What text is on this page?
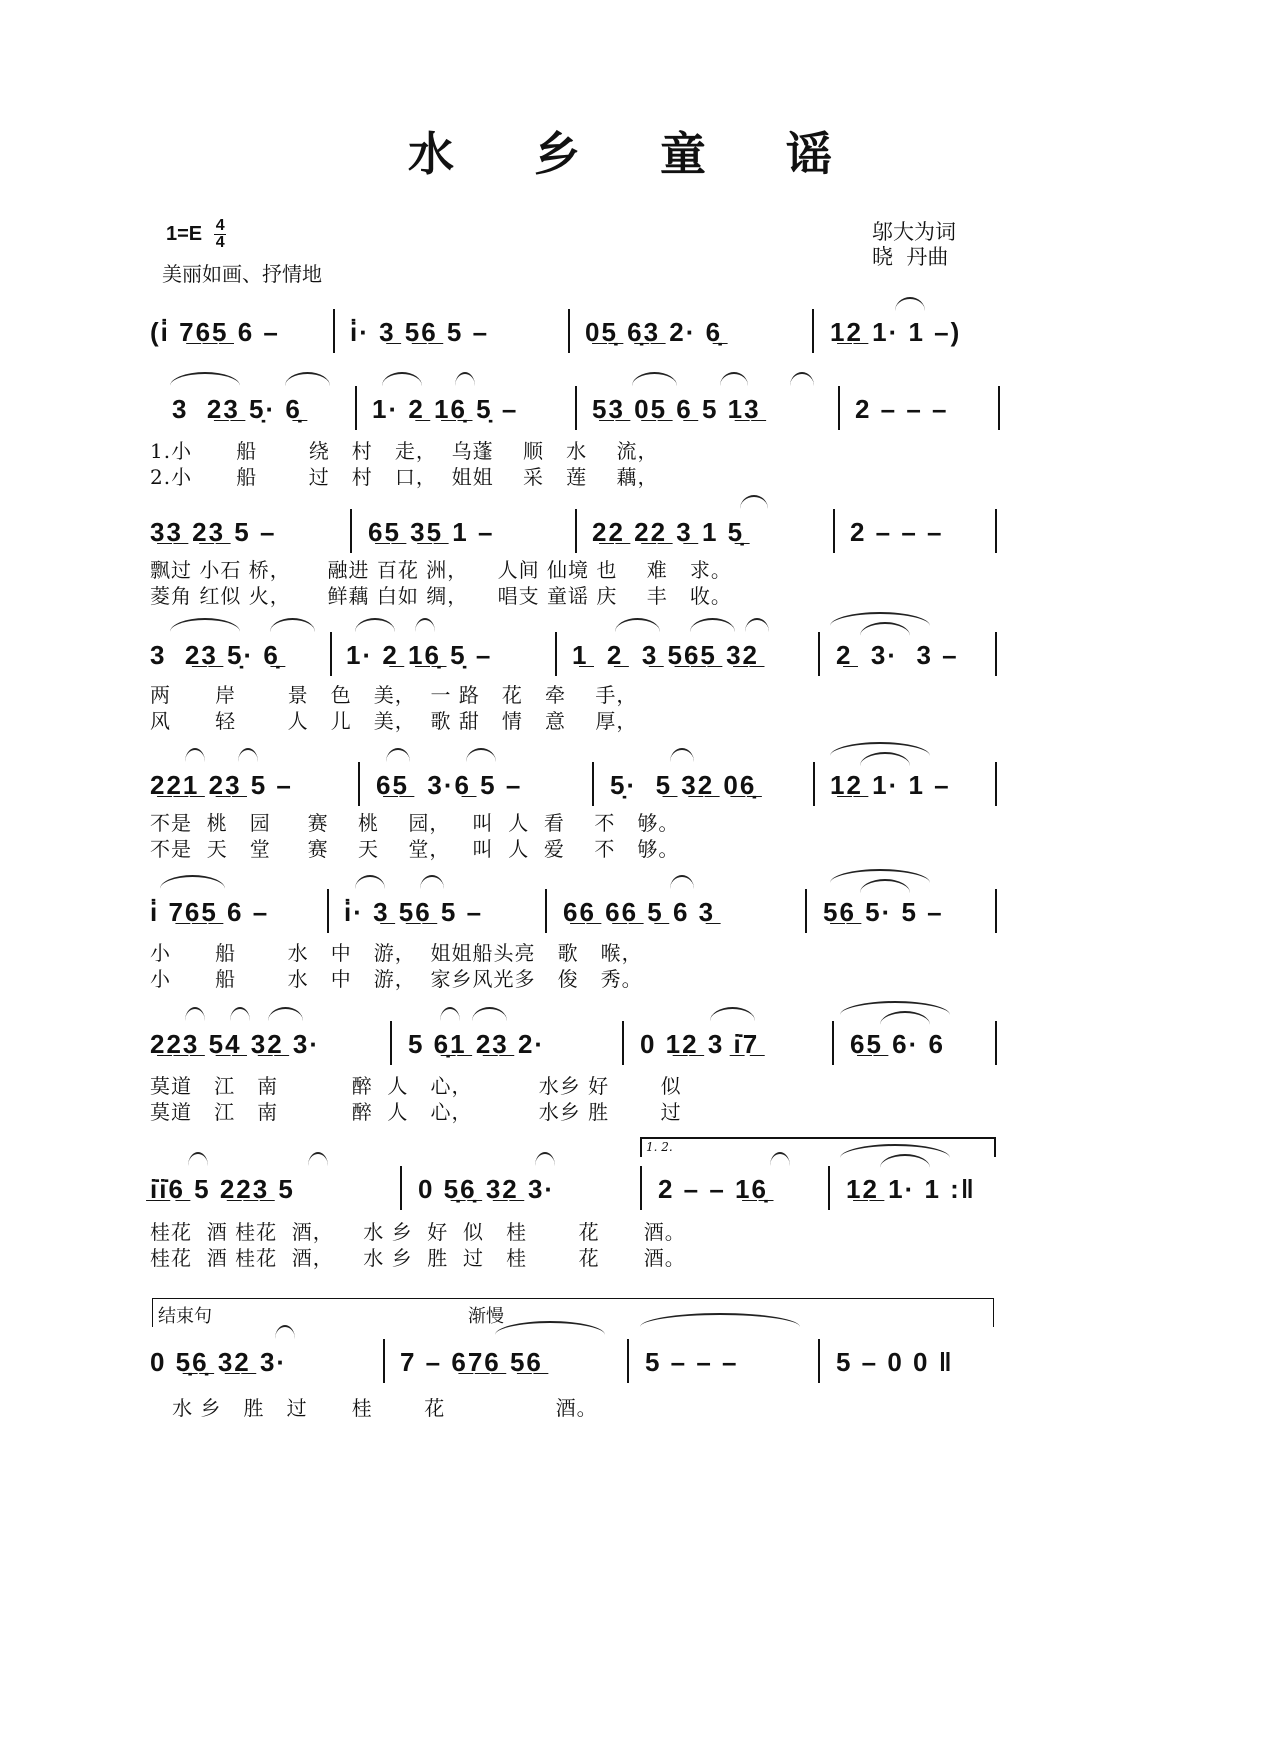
水 乡 童 谣
$1=E \frac{4}{4}$
美丽如画、抒情地
邬大为词
晓  丹曲
(i̇ 7̲6̲5̲ 6 –	i̇· 3̲ 5̲6̲ 5 –	0̲5̲̣ 6̲̣3̲ 2· 6̲̣	1̲2̲ 1· 1 –)
3  2̲3̲ 5̣· 6̲̣	1· 2̲ 1̲6̲̣ 5̣ –	5̲3̲ 0̲5̲ 6̲ 5 1̲3̲	2 – – –
1.小      船       绕   村   走，  乌蓬    顺   水    流，
2.小      船       过   村   口，  姐姐    采   莲    藕，
3̲3̲ 2̲3̲ 5 –	6̲5̲ 3̲5̲ 1 –	2̲2̲ 2̲2̲ 3̲ 1 5̲̣	2 – – –
飘过 小石 桥，     融进 百花 洲，    人间 仙境 也    难   求。
菱角 红似 火，     鲜藕 白如 绸，    唱支 童谣 庆    丰   收。
3  2̲3̲ 5̣· 6̲̣	1· 2̲ 1̲6̲̣ 5̣ –	1̲  2̲  3̲ 5̲6̲5̲ 3̲2̲	2̲  3·  3 –
两      岸       景   色   美，  一 路   花   牵    手，
风      轻       人   儿   美，  歌 甜   情   意    厚，
2̲2̲1̲ 2̲3̲ 5 –	6̲5̲  3·6̲ 5 –	5̣·  5̲ 3̲2̲ 0̲6̲̣	1̲2̲ 1· 1 –
不是  桃   园     赛    桃    园，   叫  人  看    不   够。
不是  天   堂     赛    天    堂，   叫  人  爱    不   够。
i̇ 7̲6̲5̲ 6 –	i̇· 3̲ 5̲6̲ 5 –	6̲6̲ 6̲6̲ 5̲ 6 3̲	5̲6̲ 5· 5 –
小      船       水   中   游，  姐姐船头亮   歌   喉，
小      船       水   中   游，  家乡风光多   俊   秀。
2̲2̲3̲ 5̲4̲ 3̲2̲ 3·	5 6̲̣1̲ 2̲3̲ 2·	0 1̲2̲ 3 i̲̇7̲	6̲5̲ 6· 6
莫道   江   南          醉  人   心，         水乡 好       似
莫道   江   南          醉  人   心，         水乡 胜       过
1. 2.
i̲̇i̲̇6̲ 5 2̲2̲3̲ 5	0 5̲̣6̲̣ 3̲2̲ 3·	2 – – 1̲6̲̣	1̲2̲ 1· 1 :‖
桂花  酒 桂花  酒，    水 乡  好  似   桂       花      酒。
桂花  酒 桂花  酒，    水 乡  胜  过   桂       花      酒。
结束句	渐慢
0 5̲̣6̲̣ 3̲2̲ 3·	7 – 6̲7̲6̲ 5̲6̲	5 – – –	5 – 0 0 ‖
水 乡   胜   过      桂       花               酒。
